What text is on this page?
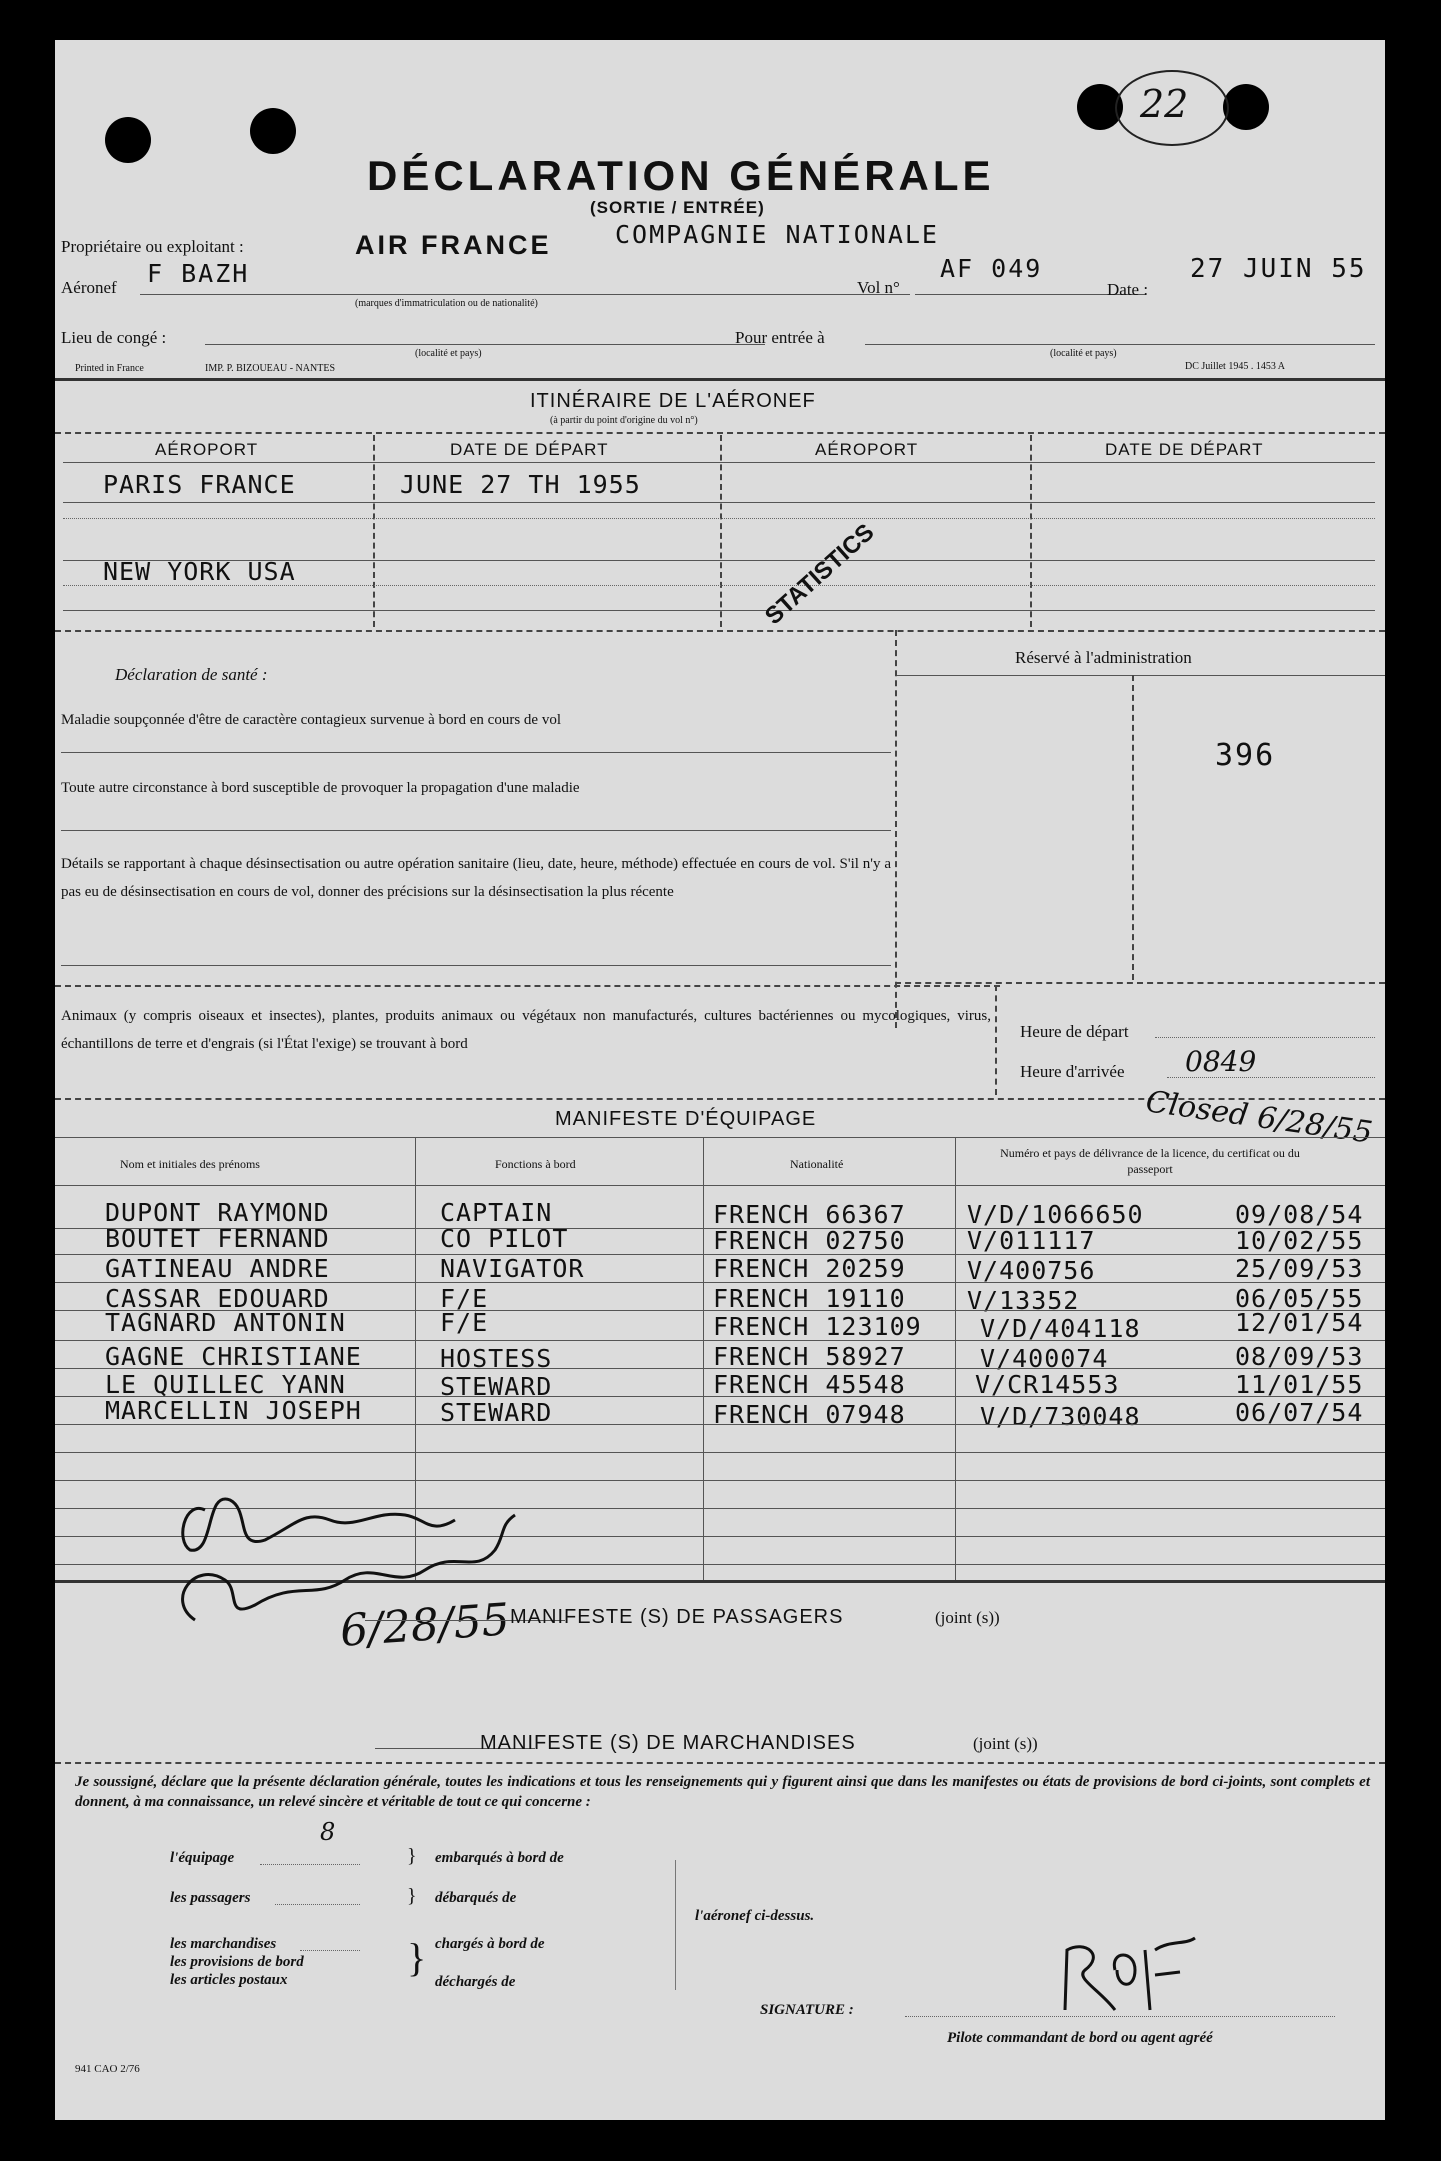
22
DÉCLARATION GÉNÉRALE
(SORTIE / ENTRÉE)
Propriétaire ou exploitant :	AIR FRANCE	COMPAGNIE NATIONALE
Aéronef F BAZH
(marques d'immatriculation ou de nationalité)
Vol n°
AF 049
Date :
27 JUIN 55
Lieu de congé :
(localité et pays)
Pour entrée à
(localité et pays)
Printed in France	IMP. P. BIZOUEAU - NANTES	DC Juillet 1945 . 1453 A
ITINÉRAIRE DE L'AÉRONEF
(à partir du point d'origine du vol n°)
AÉROPORT	DATE DE DÉPART	AÉROPORT	DATE DE DÉPART
PARIS FRANCE	JUNE 27 TH 1955
NEW YORK USA	STATISTICS
Déclaration de santé :
Maladie soupçonnée d'être de caractère contagieux survenue à bord en cours de vol
Toute autre circonstance à bord susceptible de provoquer la propagation d'une maladie
Détails se rapportant à chaque désinsectisation ou autre opération sanitaire (lieu, date, heure, méthode) effectuée en cours de vol. S'il n'y a pas eu de désinsectisation en cours de vol, donner des précisions sur la désinsectisation la plus récente
Réservé à l'administration
396
Animaux (y compris oiseaux et insectes), plantes, produits animaux ou végétaux non manufacturés, cultures bactériennes ou mycologiques, virus, échantillons de terre et d'engrais (si l'État l'exige) se trouvant à bord
Heure de départ
Heure d'arrivée 0849
MANIFESTE D'ÉQUIPAGE	Closed 6/28/55
Nom et initiales des prénoms	Fonctions à bord	Nationalité
Numéro et pays de délivrance de la licence, du certificat ou du passeport
DUPONT RAYMOND	CAPTAIN	FRENCH 66367 V/D/1066650	09/08/54
BOUTET FERNAND	CO PILOT	FRENCH 02750 V/011117	10/02/55
GATINEAU ANDRE	NAVIGATOR	FRENCH 20259 V/400756	25/09/53
CASSAR EDOUARD	F/E	FRENCH 19110 V/13352	06/05/55
TAGNARD ANTONIN	F/E	FRENCH 123109 V/D/404118	12/01/54
GAGNE CHRISTIANE	HOSTESS	FRENCH 58927	V/400074	08/09/53
LE QUILLEC YANN	STEWARD	FRENCH 45548	V/CR14553	11/01/55
MARCELLIN JOSEPH	STEWARD	FRENCH 07948	V/D/730048	06/07/54
6/28/55
MANIFESTE (S) DE PASSAGERS	(joint (s))
MANIFESTE (S) DE MARCHANDISES	(joint (s))
Je soussigné, déclare que la présente déclaration générale, toutes les indications et tous les renseignements qui y figurent ainsi que dans les manifestes ou états de provisions de bord ci-joints, sont complets et donnent, à ma connaissance, un relevé sincère et véritable de tout ce qui concerne :
8
l'équipage
les passagers
les marchandises
les provisions de bord
les articles postaux
}
}
}
embarqués à bord de
débarqués de
chargés à bord de
déchargés de
l'aéronef ci-dessus.
SIGNATURE :
Pilote commandant de bord ou agent agréé
941 CAO 2/76
